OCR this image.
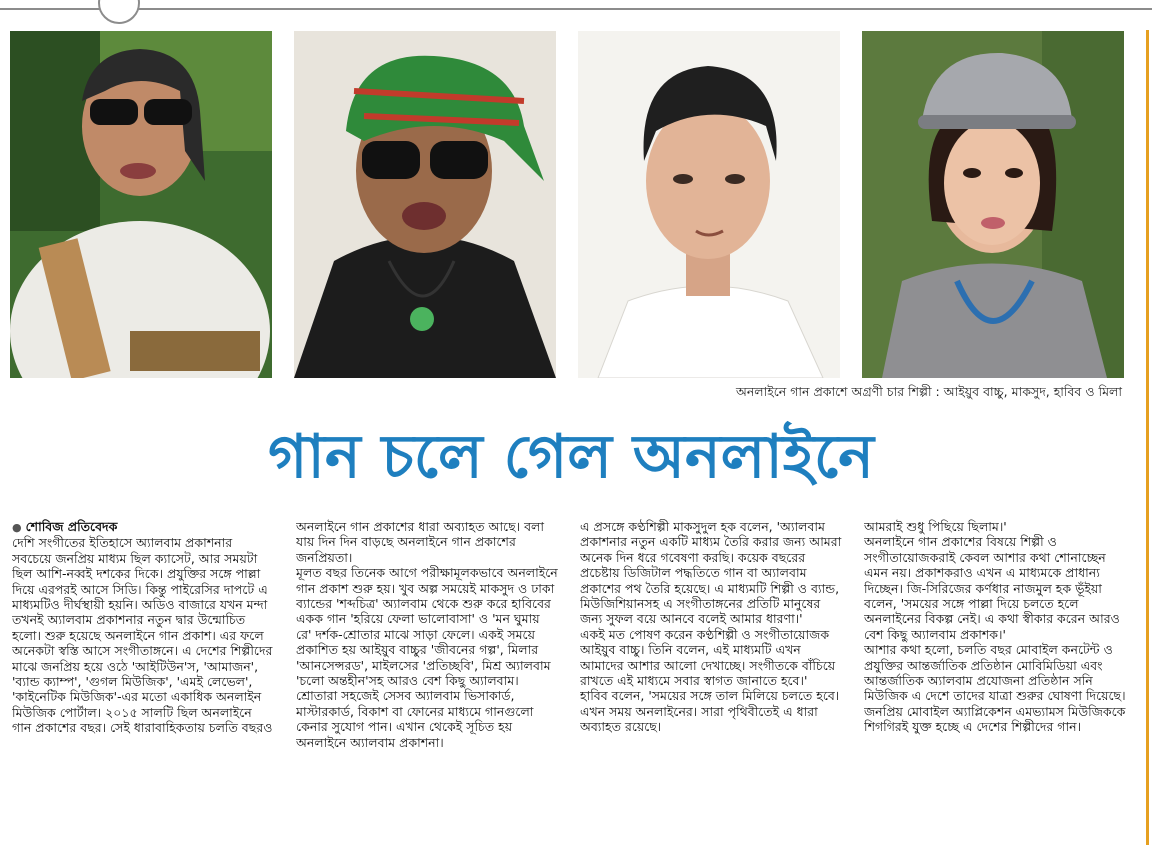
অনলাইনে গান প্রকাশে অগ্রণী চার শিল্পী : আইয়ুব বাচ্চু, মাকসুদ, হাবিব ও মিলা
গান চলে গেল অনলাইনে

● শোবিজ প্রতিবেদক

দেশি সংগীতের ইতিহাসে অ্যালবাম প্রকাশনার সবচেয়ে জনপ্রিয় মাধ্যম ছিল ক্যাসেট, আর সময়টা ছিল আশি-নব্বই দশকের দিকে। প্রযুক্তির সঙ্গে পাল্লা দিয়ে এরপরই আসে সিডি। কিন্তু পাইরেসির দাপটে এ মাধ্যমটিও দীর্ঘস্থায়ী হয়নি। অডিও বাজারে যখন মন্দা তখনই অ্যালবাম প্রকাশনার নতুন দ্বার উন্মোচিত হলো। শুরু হয়েছে অনলাইনে গান প্রকাশ। এর ফলে অনেকটা স্বস্তি আসে সংগীতাঙ্গনে। এ দেশের শিল্পীদের মাঝে জনপ্রিয় হয়ে ওঠে 'আইটিউন'স, 'আমাজন', 'ব্যান্ড ক্যাম্প', 'গুগল মিউজিক', 'এমই লেভেল', 'কাইনেটিক মিউজিক'-এর মতো একাধিক অনলাইন মিউজিক পোর্টাল। ২০১৫ সালটি ছিল অনলাইনে গান প্রকাশের বছর। সেই ধারাবাহিকতায় চলতি বছরও

অনলাইনে গান প্রকাশের ধারা অব্যাহত আছে। বলা যায় দিন দিন বাড়ছে অনলাইনে গান প্রকাশের জনপ্রিয়তা।
মূলত বছর তিনেক আগে পরীক্ষামূলকভাবে অনলাইনে গান প্রকাশ শুরু হয়। খুব অল্প সময়েই মাকসুদ ও ঢাকা ব্যান্ডের 'শব্দচিত্র' অ্যালবাম থেকে শুরু করে হাবিবের একক গান 'হরিয়ে ফেলা ভালোবাসা' ও 'মন ঘুমায় রে' দর্শক-শ্রোতার মাঝে সাড়া ফেলে। একই সময়ে প্রকাশিত হয় আইয়ুব বাচ্চুর 'জীবনের গল্প', মিলার 'আনসেন্সরড', মাইলসের 'প্রতিচ্ছবি', মিশ্র অ্যালবাম 'চলো অন্তহীন'সহ আরও বেশ কিছু অ্যালবাম। শ্রোতারা সহজেই সেসব অ্যালবাম ভিসাকার্ড, মাস্টারকার্ড, বিকাশ বা ফোনের মাধ্যমে গানগুলো কেনার সুযোগ পান। এখান থেকেই সূচিত হয় অনলাইনে অ্যালবাম প্রকাশনা।

এ প্রসঙ্গে কণ্ঠশিল্পী মাকসুদুল হক বলেন, 'অ্যালবাম প্রকাশনার নতুন একটি মাধ্যম তৈরি করার জন্য আমরা অনেক দিন ধরে গবেষণা করছি। কয়েক বছরের প্রচেষ্টায় ডিজিটাল পদ্ধতিতে গান বা অ্যালবাম প্রকাশের পথ তৈরি হয়েছে। এ মাধ্যমটি শিল্পী ও ব্যান্ড, মিউজিশিয়ানসহ এ সংগীতাঙ্গনের প্রতিটি মানুষের জন্য সুফল বয়ে আনবে বলেই আমার ধারণা।'
একই মত পোষণ করেন কণ্ঠশিল্পী ও সংগীতায়োজক আইয়ুব বাচ্চু। তিনি বলেন, এই মাধ্যমটি এখন আমাদের আশার আলো দেখাচ্ছে। সংগীতকে বাঁচিয়ে রাখতে এই মাধ্যমে সবার স্বাগত জানাতে হবে।'
হাবিব বলেন, 'সময়ের সঙ্গে তাল মিলিয়ে চলতে হবে। এখন সময় অনলাইনের। সারা পৃথিবীতেই এ ধারা অব্যাহত রয়েছে।

আমরাই শুধু পিছিয়ে ছিলাম।'
অনলাইনে গান প্রকাশের বিষয়ে শিল্পী ও সংগীতায়োজকরাই কেবল আশার কথা শোনাচ্ছেন এমন নয়। প্রকাশকরাও এখন এ মাধ্যমকে প্রাধান্য দিচ্ছেন। জি-সিরিজের কর্ণধার নাজমুল হক ভূঁইয়া বলেন, 'সময়ের সঙ্গে পাল্লা দিয়ে চলতে হলে অনলাইনের বিকল্প নেই। এ কথা স্বীকার করেন আরও বেশ কিছু অ্যালবাম প্রকাশক।'
আশার কথা হলো, চলতি বছর মোবাইল কনটেন্ট ও প্রযুক্তির আন্তর্জাতিক প্রতিষ্ঠান মোবিমিডিয়া এবং আন্তর্জাতিক অ্যালবাম প্রযোজনা প্রতিষ্ঠান সনি মিউজিক এ দেশে তাদের যাত্রা শুরুর ঘোষণা দিয়েছে। জনপ্রিয় মোবাইল অ্যাপ্লিকেশন এমভ্যামস মিউজিককে শিগগিরই যুক্ত হচ্ছে এ দেশের শিল্পীদের গান।
